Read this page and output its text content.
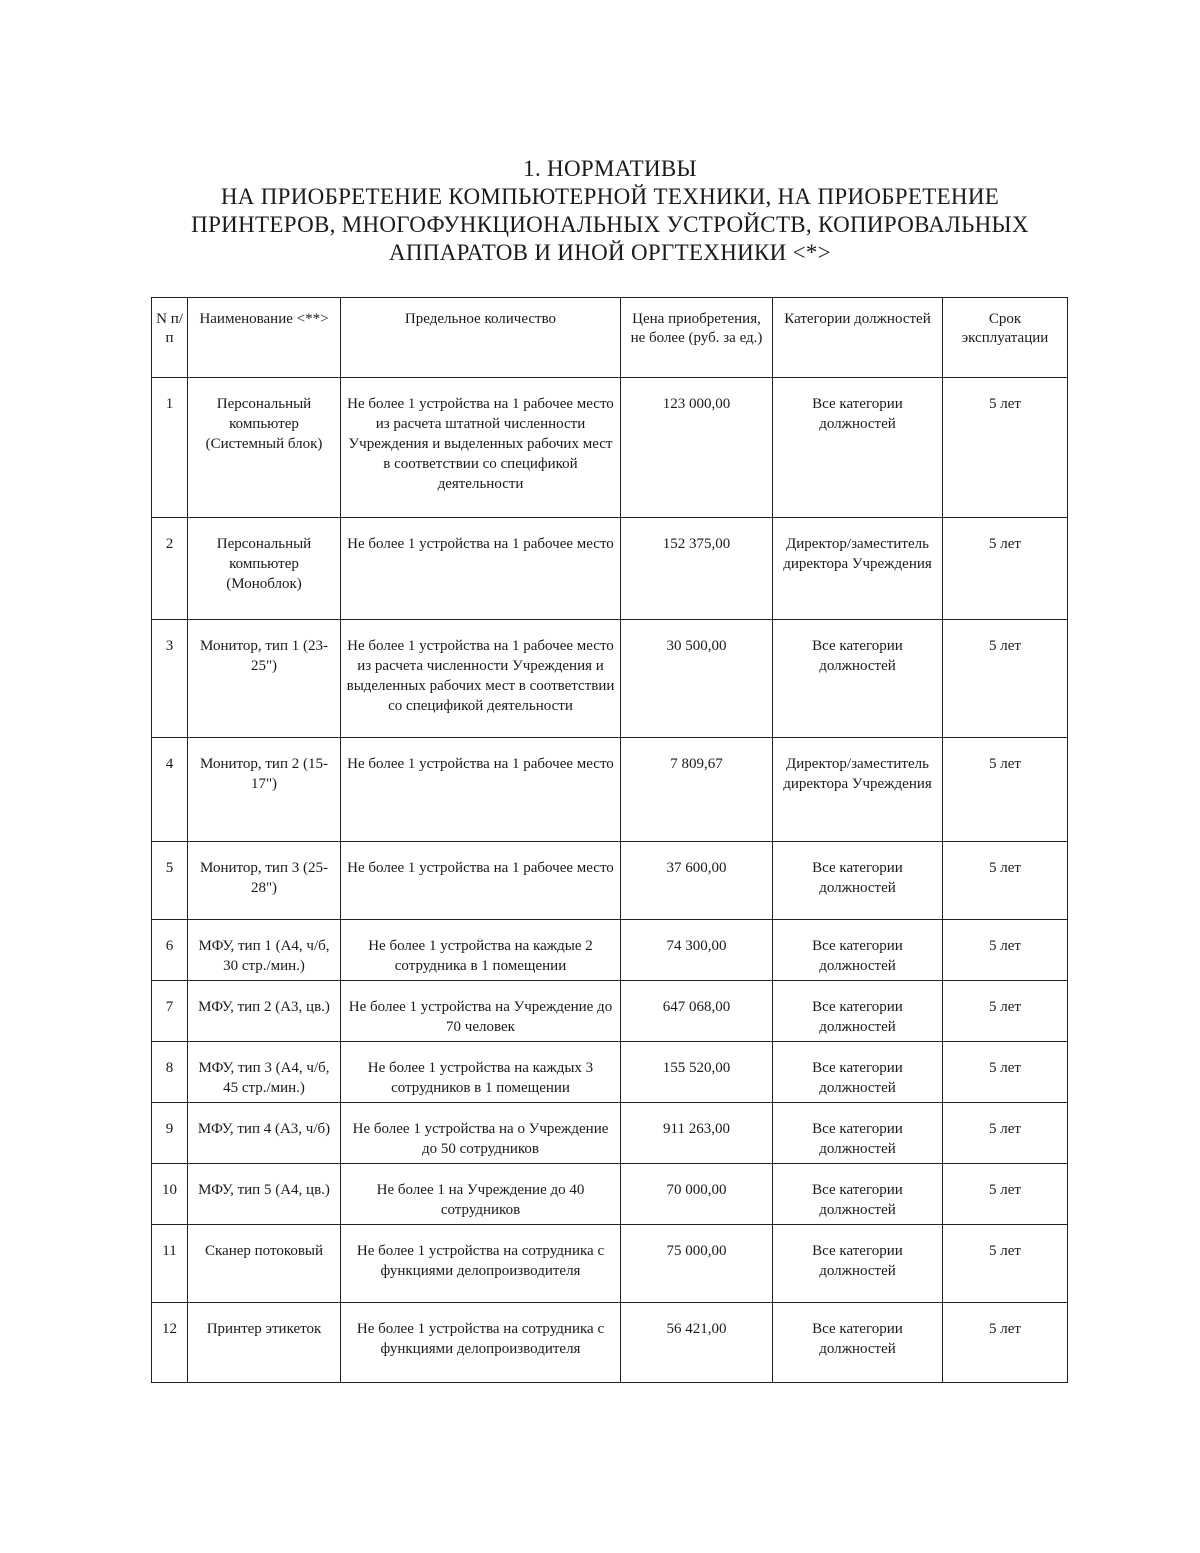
1. НОРМАТИВЫ
НА ПРИОБРЕТЕНИЕ КОМПЬЮТЕРНОЙ ТЕХНИКИ, НА ПРИОБРЕТЕНИЕ
ПРИНТЕРОВ, МНОГОФУНКЦИОНАЛЬНЫХ УСТРОЙСТВ, КОПИРОВАЛЬНЫХ
АППАРАТОВ И ИНОЙ ОРГТЕХНИКИ <*>
N п/п	Наименование <**>	Предельное количество	Цена приобретения, не более (руб. за ед.)	Категории должностей	Срок эксплуатации
1	Персональный компьютер (Системный блок)	Не более 1 устройства на 1 рабочее место из расчета штатной численности Учреждения и выделенных рабочих мест в соответствии со спецификой деятельности	123 000,00	Все категории должностей	5 лет
2	Персональный компьютер (Моноблок)	Не более 1 устройства на 1 рабочее место	152 375,00	Директор/заместитель директора Учреждения	5 лет
3	Монитор, тип 1 (23-25")	Не более 1 устройства на 1 рабочее место из расчета численности Учреждения и выделенных рабочих мест в соответствии со спецификой деятельности	30 500,00	Все категории должностей	5 лет
4	Монитор, тип 2 (15-17")	Не более 1 устройства на 1 рабочее место	7 809,67	Директор/заместитель директора Учреждения	5 лет
5	Монитор, тип 3 (25-28")	Не более 1 устройства на 1 рабочее место	37 600,00	Все категории должностей	5 лет
6	МФУ, тип 1 (А4, ч/б, 30 стр./мин.)	Не более 1 устройства на каждые 2 сотрудника в 1 помещении	74 300,00	Все категории должностей	5 лет
7	МФУ, тип 2 (А3, цв.)	Не более 1 устройства на Учреждение до 70 человек	647 068,00	Все категории должностей	5 лет
8	МФУ, тип 3 (А4, ч/б, 45 стр./мин.)	Не более 1 устройства на каждых 3 сотрудников в 1 помещении	155 520,00	Все категории должностей	5 лет
9	МФУ, тип 4 (А3, ч/б)	Не более 1 устройства на о Учреждение до 50 сотрудников	911 263,00	Все категории должностей	5 лет
10	МФУ, тип 5 (А4, цв.)	Не более 1 на Учреждение до 40 сотрудников	70 000,00	Все категории должностей	5 лет
11	Сканер потоковый	Не более 1 устройства на сотрудника с функциями делопроизводителя	75 000,00	Все категории должностей	5 лет
12	Принтер этикеток	Не более 1 устройства на сотрудника с функциями делопроизводителя	56 421,00	Все категории должностей	5 лет
